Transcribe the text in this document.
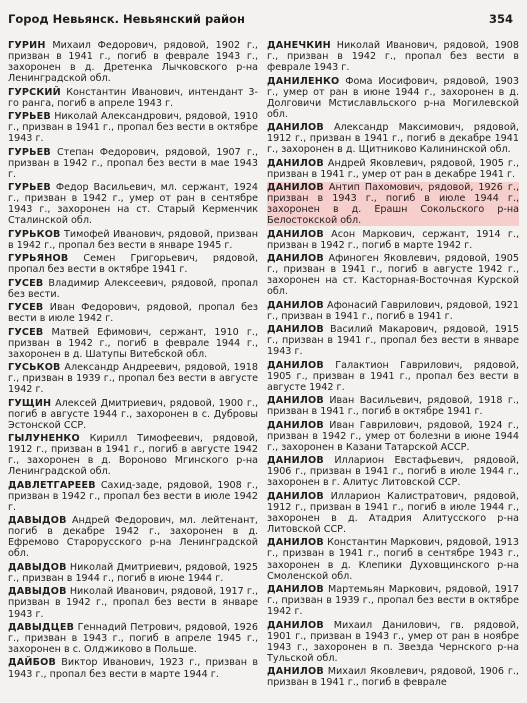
Город Невьянск. Невьянский район	354
ГУРИН Михаил Федорович, рядовой, 1902 г., призван в 1941 г., погиб в феврале 1943 г., захоронен в д. Дретенка Лычковского р-на Ленинградской обл.
ГУРСКИЙ Константин Иванович, интендант 3-го ранга, погиб в апреле 1943 г.
ГУРЬЕВ Николай Александрович, рядовой, 1910 г., призван в 1941 г., пропал без вести в октябре 1943 г.
ГУРЬЕВ Степан Федорович, рядовой, 1907 г., призван в 1942 г., пропал без вести в мае 1943 г.
ГУРЬЕВ Федор Васильевич, мл. сержант, 1924 г., призван в 1942 г., умер от ран в сентябре 1943 г., захоронен на ст. Старый Керменчик Сталинской обл.
ГУРЬКОВ Тимофей Иванович, рядовой, призван в 1942 г., пропал без вести в январе 1945 г.
ГУРЬЯНОВ Семен Григорьевич, рядовой, пропал без вести в октябре 1941 г.
ГУСЕВ Владимир Алексеевич, рядовой, пропал без вести.
ГУСЕВ Иван Федорович, рядовой, пропал без вести в июле 1942 г.
ГУСЕВ Матвей Ефимович, сержант, 1910 г., призван в 1942 г., погиб в феврале 1944 г., захоронен в д. Шатупы Витебской обл.
ГУСЬКОВ Александр Андреевич, рядовой, 1918 г., призван в 1939 г., пропал без вести в августе 1942 г.
ГУЩИН Алексей Дмитриевич, рядовой, 1900 г., погиб в августе 1944 г., захоронен в с. Дубровы Эстонской ССР.
ГЫЛУНЕНКО Кирилл Тимофеевич, рядовой, 1912 г., призван в 1941 г., погиб в августе 1942 г., захоронен в д. Вороново Мгинского р-на Ленинградской обл.
ДАВЛЕТГАРЕЕВ Сахид-заде, рядовой, 1908 г., призван в 1942 г., пропал без вести в июле 1942 г.
ДАВЫДОВ Андрей Федорович, мл. лейтенант, погиб в декабре 1942 г., захоронен в д. Ефремово Старорусского р-на Ленинградской обл.
ДАВЫДОВ Николай Дмитриевич, рядовой, 1925 г., призван в 1944 г., погиб в июне 1944 г.
ДАВЫДОВ Николай Иванович, рядовой, 1917 г., призван в 1942 г., пропал без вести в январе 1943 г.
ДАВЫДЦЕВ Геннадий Петрович, рядовой, 1926 г., призван в 1943 г., погиб в апреле 1945 г., захоронен в с. Олджиково в Польше.
ДАЙБОВ Виктор Иванович, 1923 г., призван в 1943 г., пропал без вести в марте 1944 г.
ДАНЕЧКИН Николай Иванович, рядовой, 1908 г., призван в 1942 г., пропал без вести в феврале 1943 г.
ДАНИЛЕНКО Фома Иосифович, рядовой, 1903 г., умер от ран в июне 1944 г., захоронен в д. Долговичи Мстиславльского р-на Могилевской обл.
ДАНИЛОВ Александр Максимович, рядовой, 1912 г., призван в 1941 г., погиб в декабре 1941 г., захоронен в д. Щитниково Калининской обл.
ДАНИЛОВ Андрей Яковлевич, рядовой, 1905 г., призван в 1941 г., умер от ран в декабре 1941 г.
ДАНИЛОВ Антип Пахомович, рядовой, 1926 г., призван в 1943 г., погиб в июле 1944 г., захоронен в д. Ерашн Сокольского р-на Белостокской обл.
ДАНИЛОВ Асон Маркович, сержант, 1914 г., призван в 1942 г., погиб в марте 1942 г.
ДАНИЛОВ Афиноген Яковлевич, рядовой, 1905 г., призван в 1941 г., погиб в августе 1942 г., захоронен на ст. Касторная-Восточная Курской обл.
ДАНИЛОВ Афонасий Гаврилович, рядовой, 1921 г., призван в 1941 г., погиб в 1941 г.
ДАНИЛОВ Василий Макарович, рядовой, 1915 г., призван в 1941 г., пропал без вести в январе 1943 г.
ДАНИЛОВ Галактион Гаврилович, рядовой, 1905 г., призван в 1941 г., пропал без вести в августе 1942 г.
ДАНИЛОВ Иван Васильевич, рядовой, 1918 г., призван в 1941 г., погиб в октябре 1941 г.
ДАНИЛОВ Иван Гаврилович, рядовой, 1924 г., призван в 1942 г., умер от болезни в июне 1944 г., захоронен в Казани Татарской АССР.
ДАНИЛОВ Илларион Евстафьевич, рядовой, 1906 г., призван в 1941 г., погиб в июле 1944 г., захоронен в г. Алитус Литовской ССР.
ДАНИЛОВ Илларион Калистратович, рядовой, 1912 г., призван в 1941 г., погиб в июле 1944 г., захоронен в д. Атадрия Алитусского р-на Литовской ССР.
ДАНИЛОВ Константин Маркович, рядовой, 1913 г., призван в 1941 г., погиб в сентябре 1943 г., захоронен в д. Клепики Духовщинского р-на Смоленской обл.
ДАНИЛОВ Мартемьян Маркович, рядовой, 1917 г., призван в 1939 г., пропал без вести в октябре 1942 г.
ДАНИЛОВ Михаил Данилович, гв. рядовой, 1901 г., призван в 1943 г., умер от ран в ноябре 1943 г., захоронен в п. Звезда Чернского р-на Тульской обл.
ДАНИЛОВ Михаил Яковлевич, рядовой, 1906 г., призван в 1941 г., погиб в феврале
